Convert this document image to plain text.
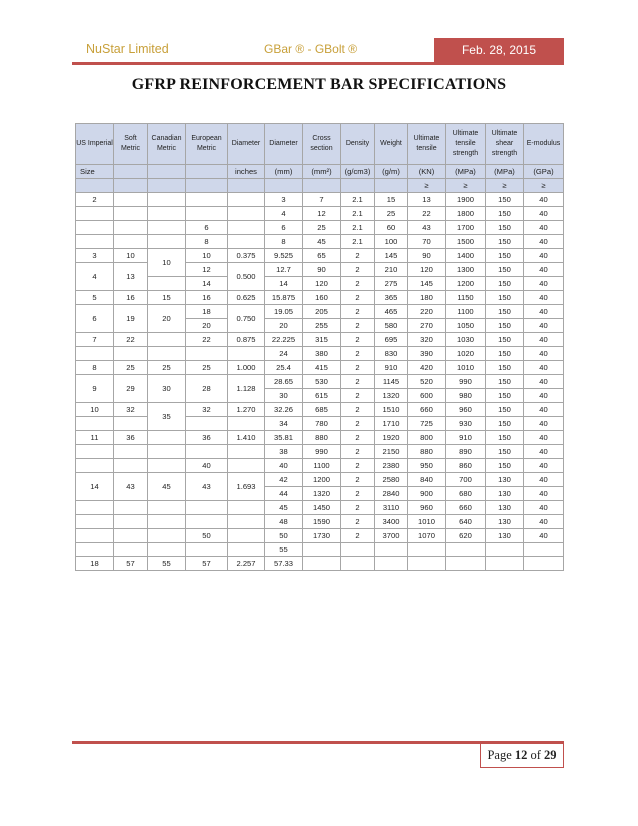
NuStar Limited	GBar ® - GBolt ®	Feb. 28, 2015
GFRP REINFORCEMENT BAR SPECIFICATIONS
US Imperial	Soft Metric	Canadian Metric	European Metric	Diameter	Diameter	Cross section	Density	Weight	Ultimate tensile	Ultimate tensile strength	Ultimate shear strength	E-modulus
Size				inches	(mm)	(mm²)	(g/cm3)	(g/m)	(KN)	(MPa)	(MPa)	(GPa)
									≥	≥	≥	≥
2					3	7	2.1	15	13	1900	150	40
					4	12	2.1	25	22	1800	150	40
			6		6	25	2.1	60	43	1700	150	40
			8		8	45	2.1	100	70	1500	150	40
3	10	10	10	0.375	9.525	65	2	145	90	1400	150	40
4	13		12	0.500	12.7	90	2	210	120	1300	150	40
			14		14	120	2	275	145	1200	150	40
5	16	15	16	0.625	15.875	160	2	365	180	1150	150	40
6	19	20	18	0.750	19.05	205	2	465	220	1100	150	40
			20		20	255	2	580	270	1050	150	40
7	22		22	0.875	22.225	315	2	695	320	1030	150	40
					24	380	2	830	390	1020	150	40
8	25	25	25	1.000	25.4	415	2	910	420	1010	150	40
9	29	30	28	1.128	28.65	530	2	1145	520	990	150	40
					30	615	2	1320	600	980	150	40
10	32	35	32	1.270	32.26	685	2	1510	660	960	150	40
					34	780	2	1710	725	930	150	40
11	36		36	1.410	35.81	880	2	1920	800	910	150	40
					38	990	2	2150	880	890	150	40
			40		40	1100	2	2380	950	860	150	40
14	43	45	43	1.693	42	1200	2	2580	840	700	130	40
					44	1320	2	2840	900	680	130	40
					45	1450	2	3110	960	660	130	40
					48	1590	2	3400	1010	640	130	40
			50		50	1730	2	3700	1070	620	130	40
					55							
18	57	55	57	2.257	57.33							
Page 12 of 29
